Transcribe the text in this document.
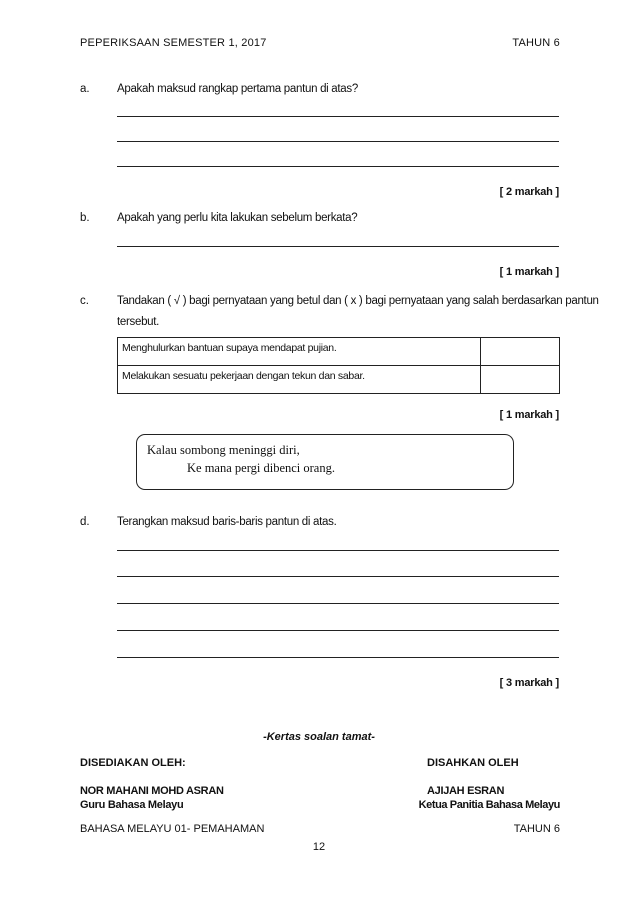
PEPERIKSAAN SEMESTER 1, 2017	TAHUN 6
a. Apakah maksud rangkap pertama pantun di atas?
[ 2 markah ]
b. Apakah yang perlu kita lakukan sebelum berkata?
[ 1 markah ]
c. Tandakan ( √ ) bagi pernyataan yang betul dan ( x ) bagi pernyataan yang salah berdasarkan pantun
tersebut.
Menghulurkan bantuan supaya mendapat pujian.	

Melakukan sesuatu pekerjaan dengan tekun dan sabar.	

[ 1 markah ]
Kalau sombong meninggi diri,
Ke mana pergi dibenci orang.
d. Terangkan maksud baris-baris pantun di atas.
[ 3 markah ]
-Kertas soalan tamat-
DISEDIAKAN OLEH:	DISAHKAN OLEH
NOR MAHANI MOHD ASRAN
Guru Bahasa Melayu
AJIJAH ESRAN
Ketua Panitia Bahasa Melayu
BAHASA MELAYU 01- PEMAHAMAN	TAHUN 6
12
